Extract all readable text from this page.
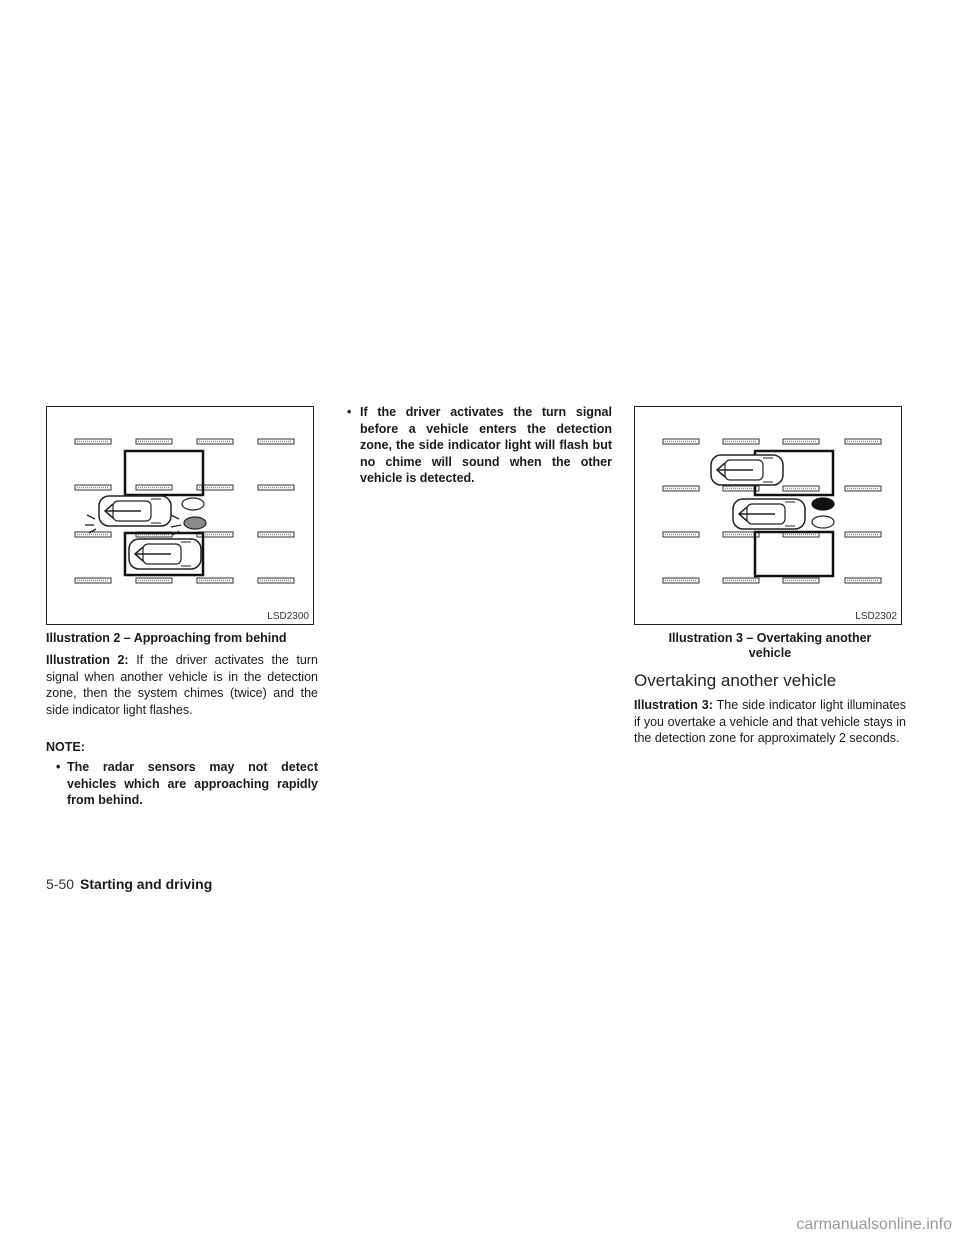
LSD2300
Illustration 2 – Approaching from behind

Illustration 2: If the driver activates the turn signal when another vehicle is in the detection zone, then the system chimes (twice) and the side indicator light flashes.

NOTE:
• The radar sensors may not detect vehicles which are approaching rapidly from behind.
• If the driver activates the turn signal before a vehicle enters the detection zone, the side indicator light will flash but no chime will sound when the other vehicle is detected.
LSD2302
Illustration 3 – Overtaking another vehicle
Overtaking another vehicle

Illustration 3: The side indicator light illuminates if you overtake a vehicle and that vehicle stays in the detection zone for approximately 2 seconds.

5-50 Starting and driving
carmanualsonline.info
